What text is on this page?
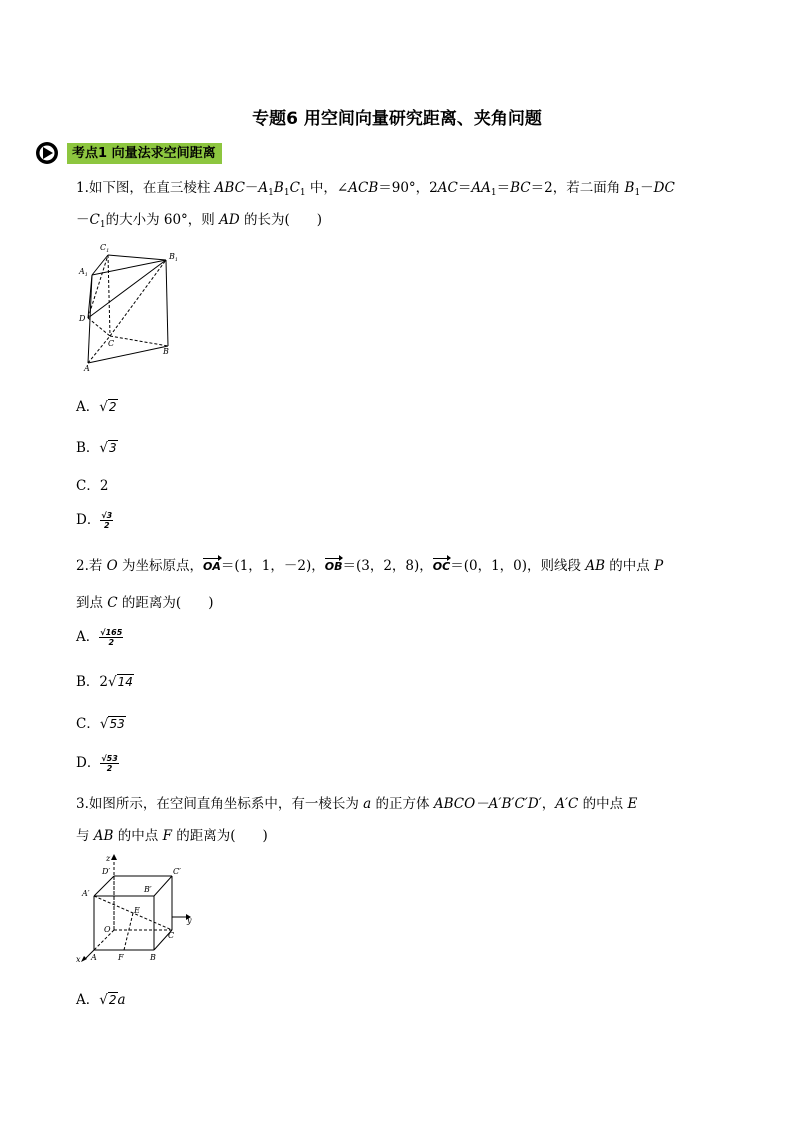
专题6 用空间向量研究距离、夹角问题
考点1 向量法求空间距离
1.如下图，在直三棱柱 $ABC-A_1B_1C_1$ 中，∠ACB＝90°，$2AC=AA_1=BC=2$，若二面角 $B_1-DC$
$-C_1$的大小为 60°，则 AD 的长为(　　)
$C_1$
$B_1$
$A_1$
D
C
B
A
A．√2
B．√3
C．2
D． $\frac{√3}{2}$
2.若 O 为坐标原点，OA＝(1，1，－2)，OB＝(3，2，8)，OC＝(0，1，0)，则线段 AB 的中点 P
到点 C 的距离为(　　)
A． $\frac{√165}{2}$
B．2√14
C．√53
D． $\frac{√53}{2}$
3.如图所示，在空间直角坐标系中，有一棱长为 a 的正方体 ABCO－A′B′C′D′，A′C 的中点 E
与 AB 的中点 F 的距离为(　　)
z
D′	C′
B′
A′
E
y
O
C
x A	F	B
A．√2a
